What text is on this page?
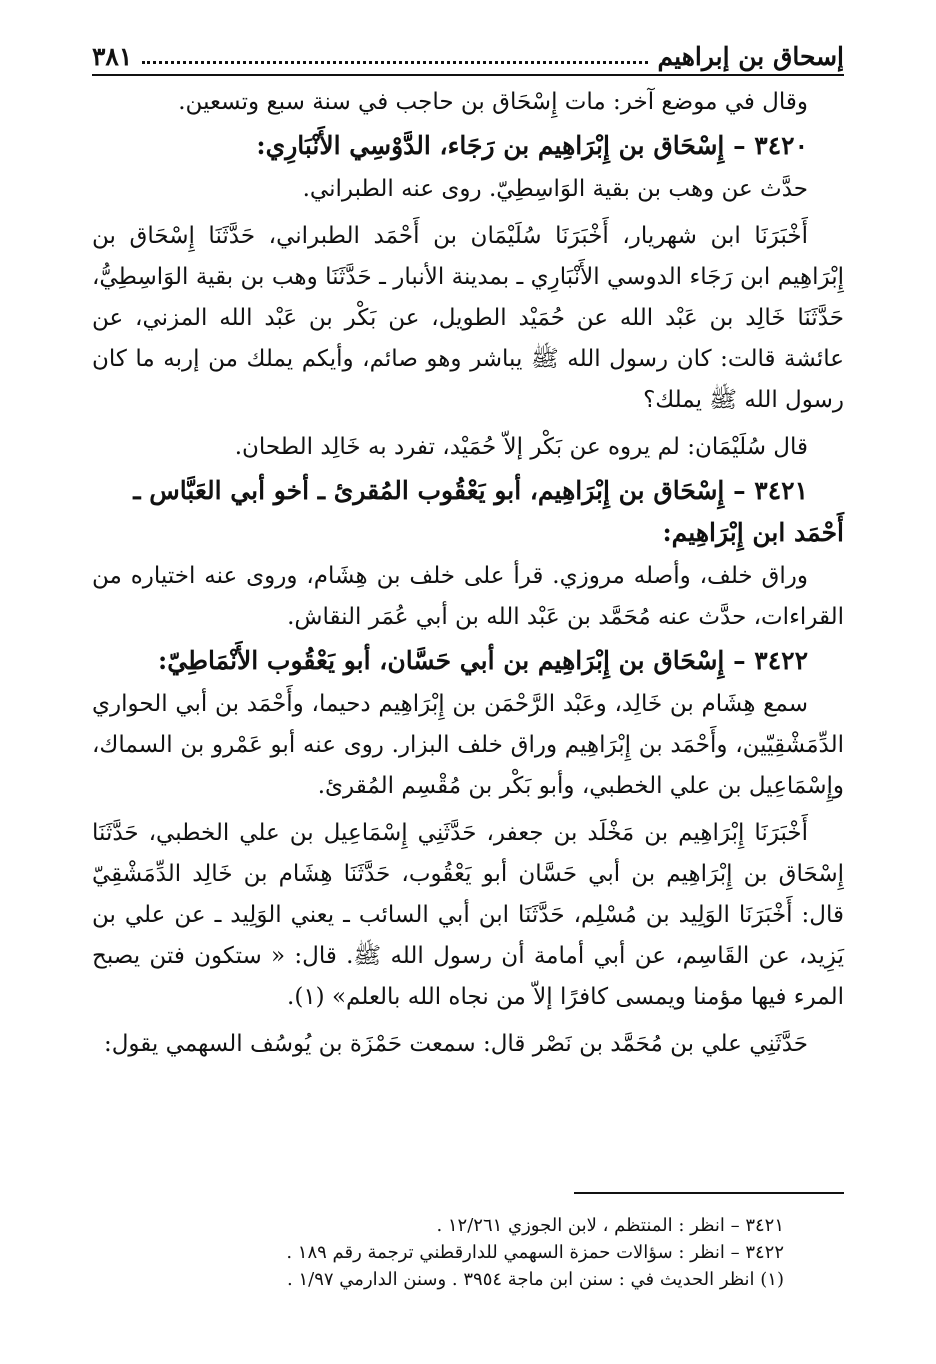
إسحاق بن إبراهيم
٣٨١

وقال في موضع آخر: مات إِسْحَاق بن حاجب في سنة سبع وتسعين.

٣٤٢٠ – إِسْحَاق بن إِبْرَاهِيم بن رَجَاء، الدَّوْسِي الأَنْبَارِي:

حدَّث عن وهب بن بقية الوَاسِطِيّ. روى عنه الطبراني.

أَخْبَرَنَا ابن شهريار، أَخْبَرَنَا سُلَيْمَان بن أَحْمَد الطبراني، حَدَّثَنَا إِسْحَاق بن إِبْرَاهِيم ابن رَجَاء الدوسي الأَنْبَارِي ـ بمدينة الأنبار ـ حَدَّثَنَا وهب بن بقية الوَاسِطِيُّ، حَدَّثَنَا خَالِد بن عَبْد الله عن حُمَيْد الطويل، عن بَكْر بن عَبْد الله المزني، عن عائشة قالت: كان رسول الله ﷺ يباشر وهو صائم، وأيكم يملك من إربه ما كان رسول الله ﷺ يملك؟

قال سُلَيْمَان: لم يروه عن بَكْر إلاّ حُمَيْد، تفرد به خَالِد الطحان.

٣٤٢١ – إِسْحَاق بن إِبْرَاهِيم، أبو يَعْقُوب المُقرئ ـ أخو أبي العَبَّاس ـ أَحْمَد ابن إِبْرَاهِيم:

وراق خلف، وأصله مروزي. قرأ على خلف بن هِشَام، وروى عنه اختياره من القراءات، حدَّث عنه مُحَمَّد بن عَبْد الله بن أبي عُمَر النقاش.

٣٤٢٢ – إِسْحَاق بن إِبْرَاهِيم بن أبي حَسَّان، أبو يَعْقُوب الأَنْمَاطِيّ:

سمع هِشَام بن خَالِد، وعَبْد الرَّحْمَن بن إِبْرَاهِيم دحيما، وأَحْمَد بن أبي الحواري الدِّمَشْقِيّين، وأَحْمَد بن إِبْرَاهِيم وراق خلف البزار. روى عنه أبو عَمْرو بن السماك، وإِسْمَاعِيل بن علي الخطبي، وأبو بَكْر بن مُقْسِم المُقرئ.

أَخْبَرَنَا إِبْرَاهِيم بن مَخْلَد بن جعفر، حَدَّثَنِي إِسْمَاعِيل بن علي الخطبي، حَدَّثَنَا إِسْحَاق بن إِبْرَاهِيم بن أبي حَسَّان أبو يَعْقُوب، حَدَّثَنَا هِشَام بن خَالِد الدِّمَشْقِيّ قال: أَخْبَرَنَا الوَلِيد بن مُسْلِم، حَدَّثَنَا ابن أبي السائب ـ يعني الوَلِيد ـ عن علي بن يَزِيد، عن القَاسِم، عن أبي أمامة أن رسول الله ﷺ. قال: « ستكون فتن يصبح المرء فيها مؤمنا ويمسى كافرًا إلاّ من نجاه الله بالعلم» (١).

حَدَّثَنِي علي بن مُحَمَّد بن نَصْر قال: سمعت حَمْزَة بن يُوسُف السهمي يقول:

٣٤٢١ – انظر : المنتظم ، لابن الجوزي ١٢/٢٦١ .

٣٤٢٢ – انظر : سؤالات حمزة السهمي للدارقطني ترجمة رقم ١٨٩ .

(١) انظر الحديث في : سنن ابن ماجة ٣٩٥٤ . وسنن الدارمي ١/٩٧ .
